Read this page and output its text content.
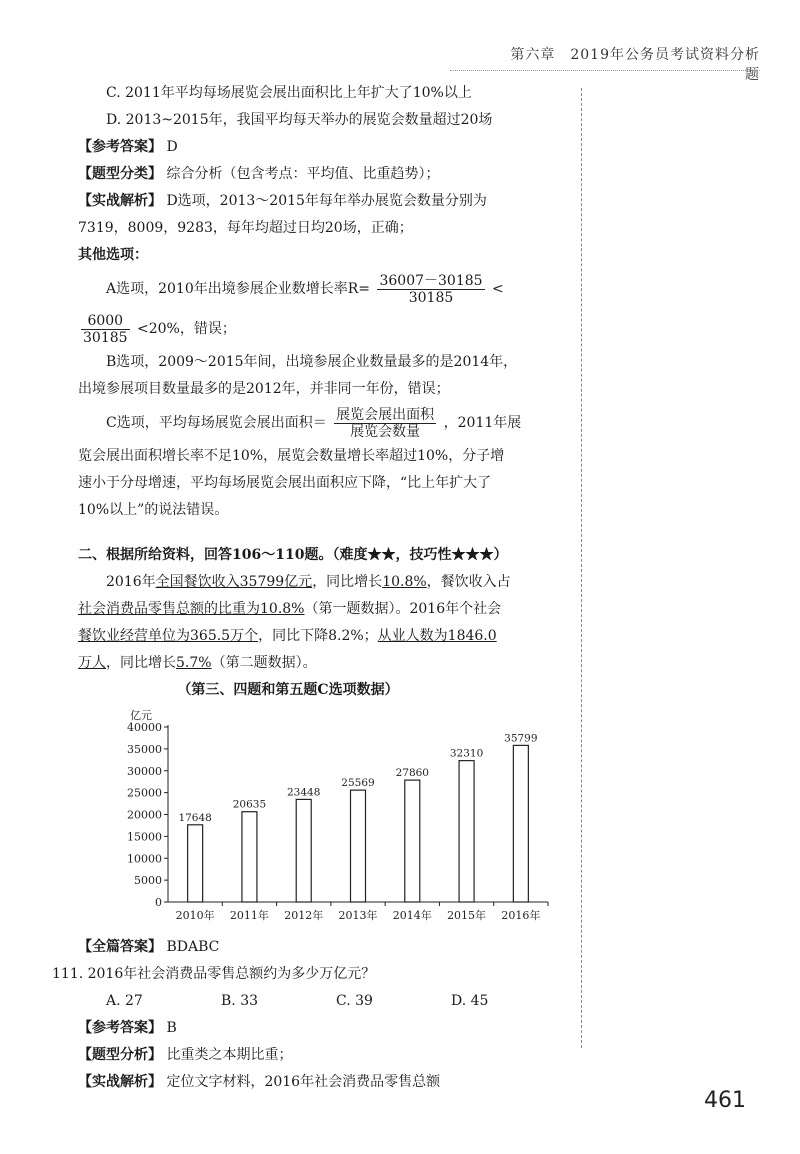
第六章　2019年公务员考试资料分析题
C. 2011年平均每场展览会展出面积比上年扩大了10%以上
D. 2013~2015年，我国平均每天举办的展览会数量超过20场
【参考答案】 D
【题型分类】 综合分析（包含考点：平均值、比重趋势）；
【实战解析】 D选项，2013～2015年每年举办展览会数量分别为
7319，8009，9283，每年均超过日均20场，正确；
其他选项：
A选项，2010年出境参展企业数增长率$R= \frac{36007-30185}{30185}$ <
$\frac{6000}{30185} <20\%$，错误；
B选项，2009～2015年间，出境参展企业数量最多的是2014年，
出境参展项目数量最多的是2012年，并非同一年份，错误；
C选项，平均每场展览会展出面积＝ $\frac{\text{展览会展出面积}}{\text{展览会数量}}$ ，2011年展
览会展出面积增长率不足10%，展览会数量增长率超过10%，分子增
速小于分母增速，平均每场展览会展出面积应下降，“比上年扩大了
10%以上”的说法错误。
二、根据所给资料，回答106～110题。（难度★★，技巧性★★★）
2016年全国餐饮收入35799亿元，同比增长10.8%，餐饮收入占
社会消费品零售总额的比重为10.8%（第一题数据）。2016年个社会
餐饮业经营单位为365.5万个，同比下降8.2%；从业人数为1846.0
万人，同比增长5.7%（第二题数据）。
（第三、四题和第五题C选项数据）
亿元
0
5000
10000
15000
20000
25000
30000
35000
40000
17648
2010年
20635
2011年
23448
2012年
25569
2013年
27860
2014年
32310
2015年
35799
2016年
【全篇答案】 BDABC
111. 2016年社会消费品零售总额约为多少万亿元？
A. 27	B. 33	C. 39	D. 45
【参考答案】 B
【题型分析】 比重类之本期比重；
【实战解析】 定位文字材料，2016年社会消费品零售总额
461
